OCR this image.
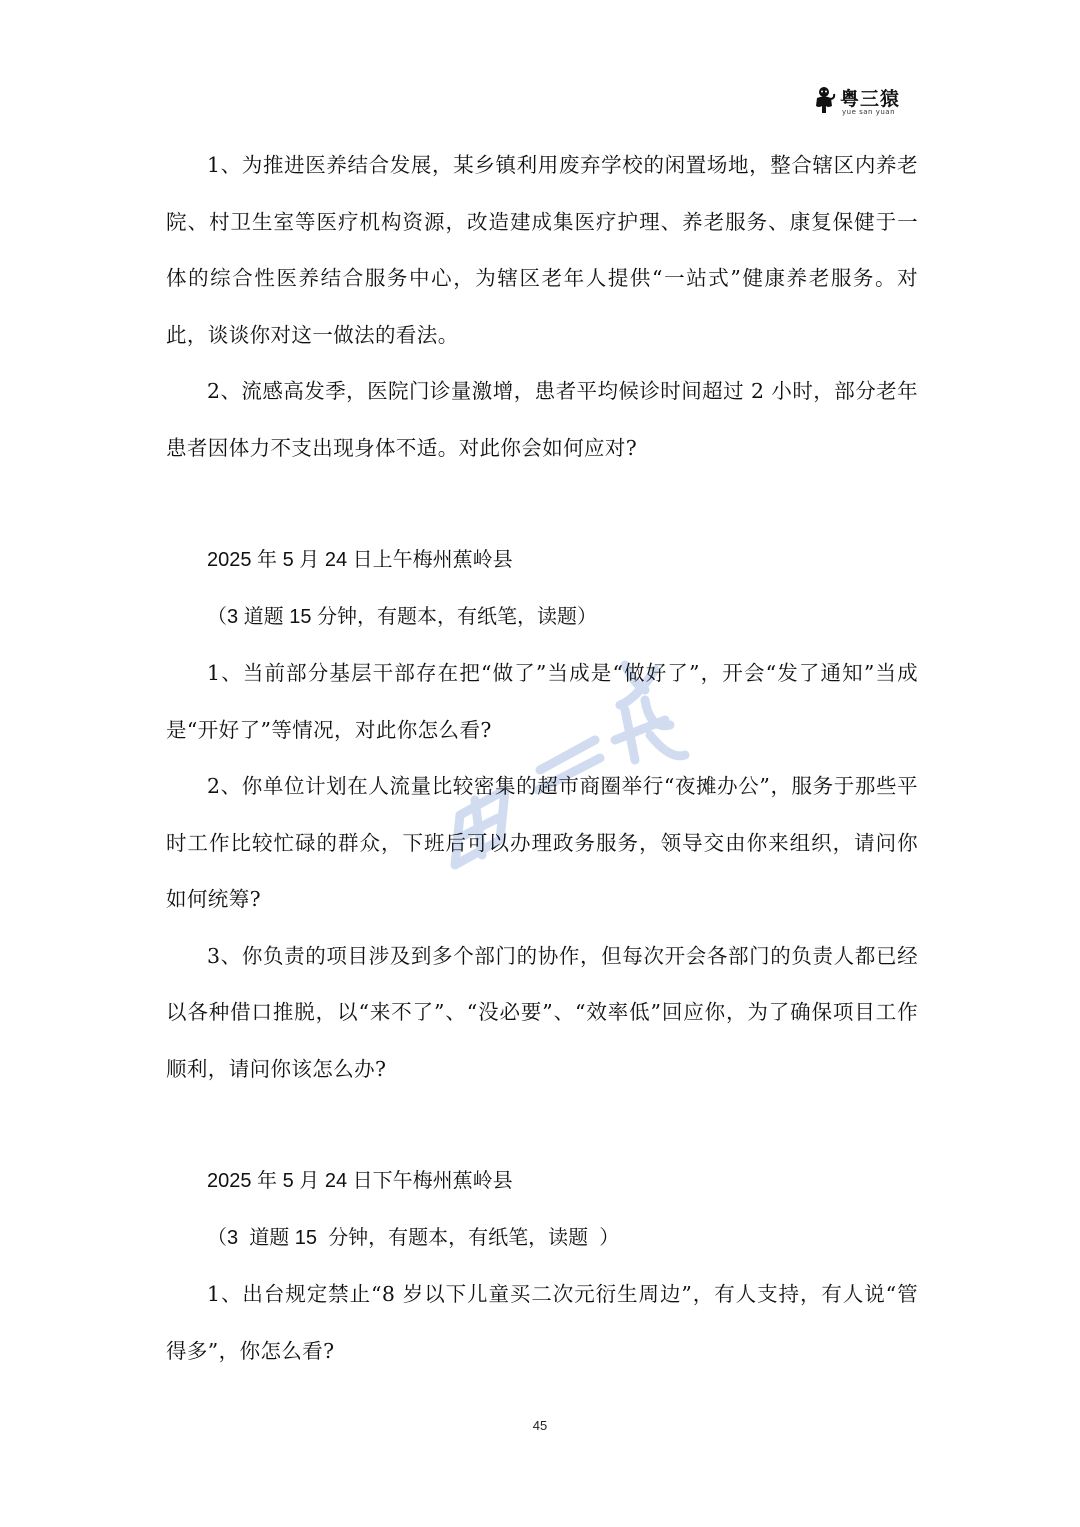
粤三猿
yue san yuan

1、为推进医养结合发展，某乡镇利用废弃学校的闲置场地，整合辖区内养老院、村卫生室等医疗机构资源，改造建成集医疗护理、养老服务、康复保健于一体的综合性医养结合服务中心，为辖区老年人提供“一站式”健康养老服务。对此，谈谈你对这一做法的看法。

2、流感高发季，医院门诊量激增，患者平均候诊时间超过 2 小时，部分老年患者因体力不支出现身体不适。对此你会如何应对?

2025 年 5 月 24 日上午梅州蕉岭县

（3 道题 15 分钟，有题本，有纸笔，读题）

1、当前部分基层干部存在把“做了”当成是“做好了”，开会“发了通知”当成是“开好了”等情况，对此你怎么看?

2、你单位计划在人流量比较密集的超市商圈举行“夜摊办公”，服务于那些平时工作比较忙碌的群众，下班后可以办理政务服务，领导交由你来组织，请问你如何统筹?

3、你负责的项目涉及到多个部门的协作，但每次开会各部门的负责人都已经以各种借口推脱，以“来不了”、“没必要”、“效率低”回应你，为了确保项目工作顺利，请问你该怎么办?

2025 年 5 月 24 日下午梅州蕉岭县

（3  道题 15  分钟，有题本，有纸笔，读题  ）

1、出台规定禁止“8 岁以下儿童买二次元衍生周边”，有人支持，有人说“管得多”，你怎么看?

45
